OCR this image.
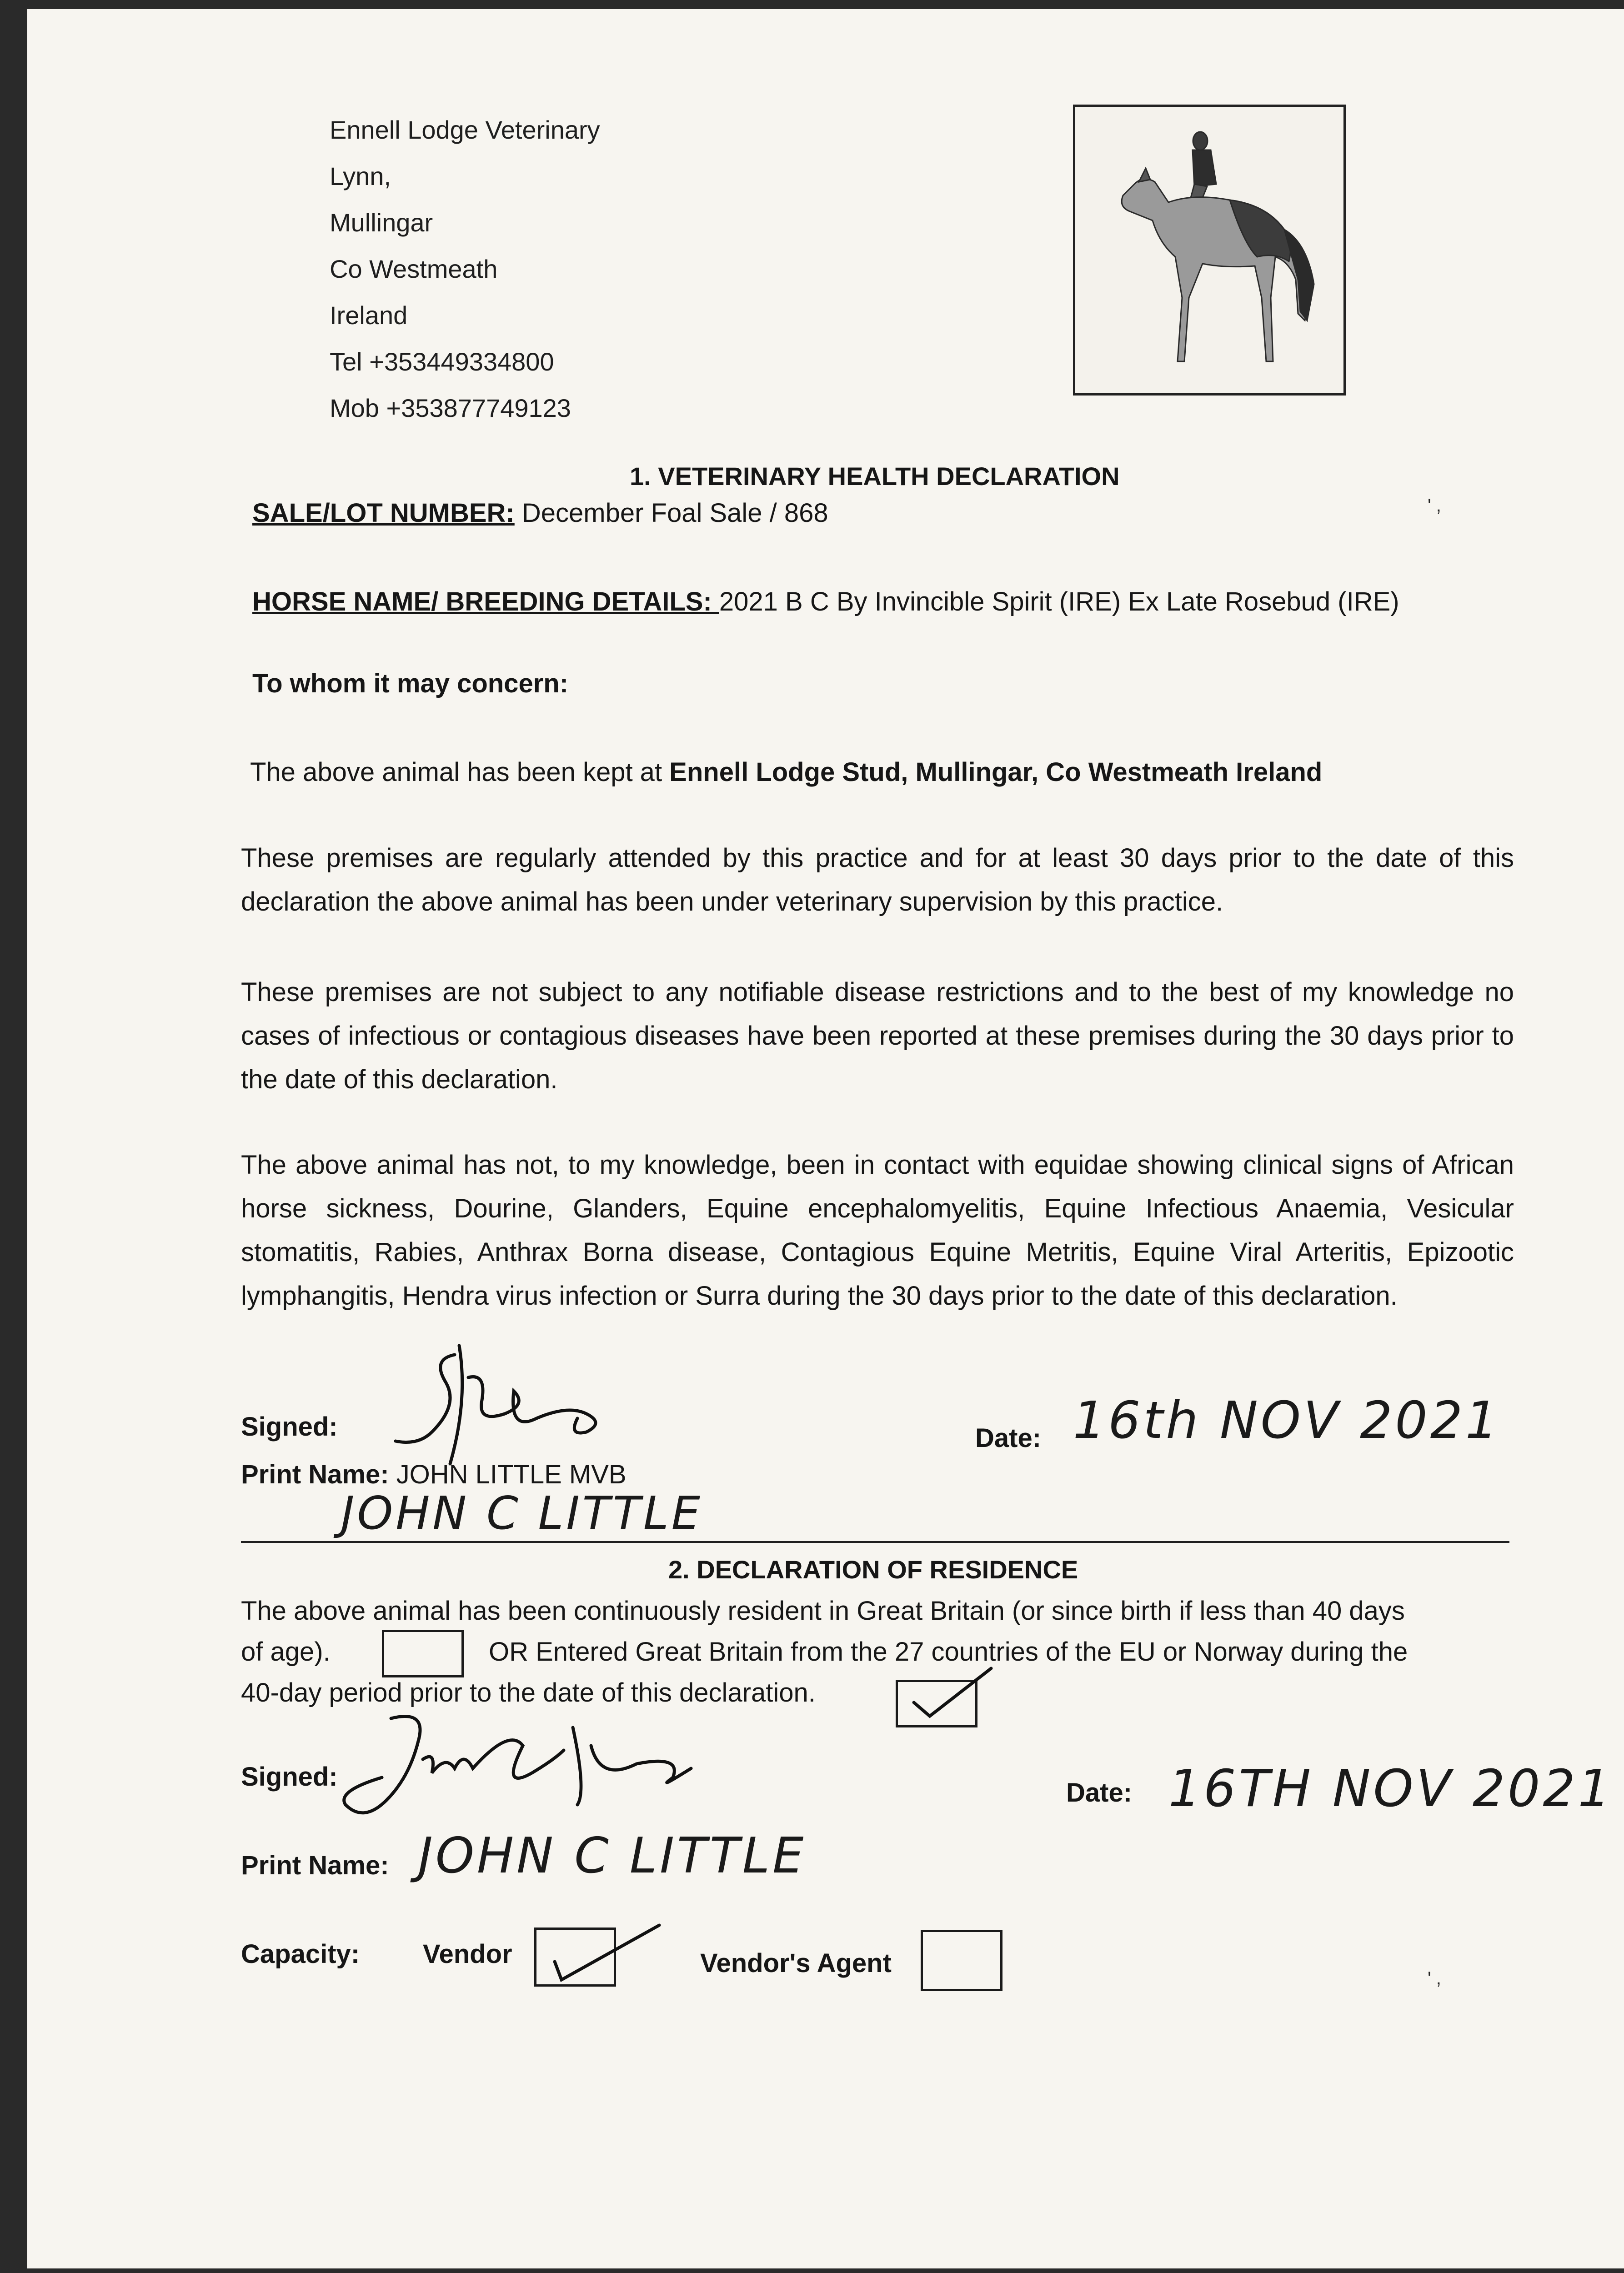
Ennell Lodge Veterinary
Lynn,
Mullingar
Co Westmeath
Ireland
Tel +353449334800
Mob +353877749123
1. VETERINARY HEALTH DECLARATION
SALE/LOT NUMBER: December Foal Sale / 868
HORSE NAME/ BREEDING DETAILS: 2021 B C By Invincible Spirit (IRE) Ex Late Rosebud (IRE)
To whom it may concern:
The above animal has been kept at Ennell Lodge Stud, Mullingar, Co Westmeath Ireland
These premises are regularly attended by this practice and for at least 30 days prior to the date of this declaration the above animal has been under veterinary supervision by this practice.
These premises are not subject to any notifiable disease restrictions and to the best of my knowledge no cases of infectious or contagious diseases have been reported at these premises during the 30 days prior to the date of this declaration.
The above animal has not, to my knowledge, been in contact with equidae showing clinical signs of African horse sickness, Dourine, Glanders, Equine encephalomyelitis, Equine Infectious Anaemia, Vesicular stomatitis, Rabies, Anthrax Borna disease, Contagious Equine Metritis, Equine Viral Arteritis, Epizootic lymphangitis, Hendra virus infection or Surra during the 30 days prior to the date of this declaration.
Signed:	Date: 16th NOV 2021
Print Name: JOHN LITTLE MVB
JOHN C LITTLE
2. DECLARATION OF RESIDENCE
The above animal has been continuously resident in Great Britain (or since birth if less than 40 days
of age).	OR Entered Great Britain from the 27 countries of the EU or Norway during the
40-day period prior to the date of this declaration.
Signed:
Date: 16TH NOV 2021
Print Name: JOHN C LITTLE
Capacity: Vendor	Vendor's Agent
' ,
' ,
